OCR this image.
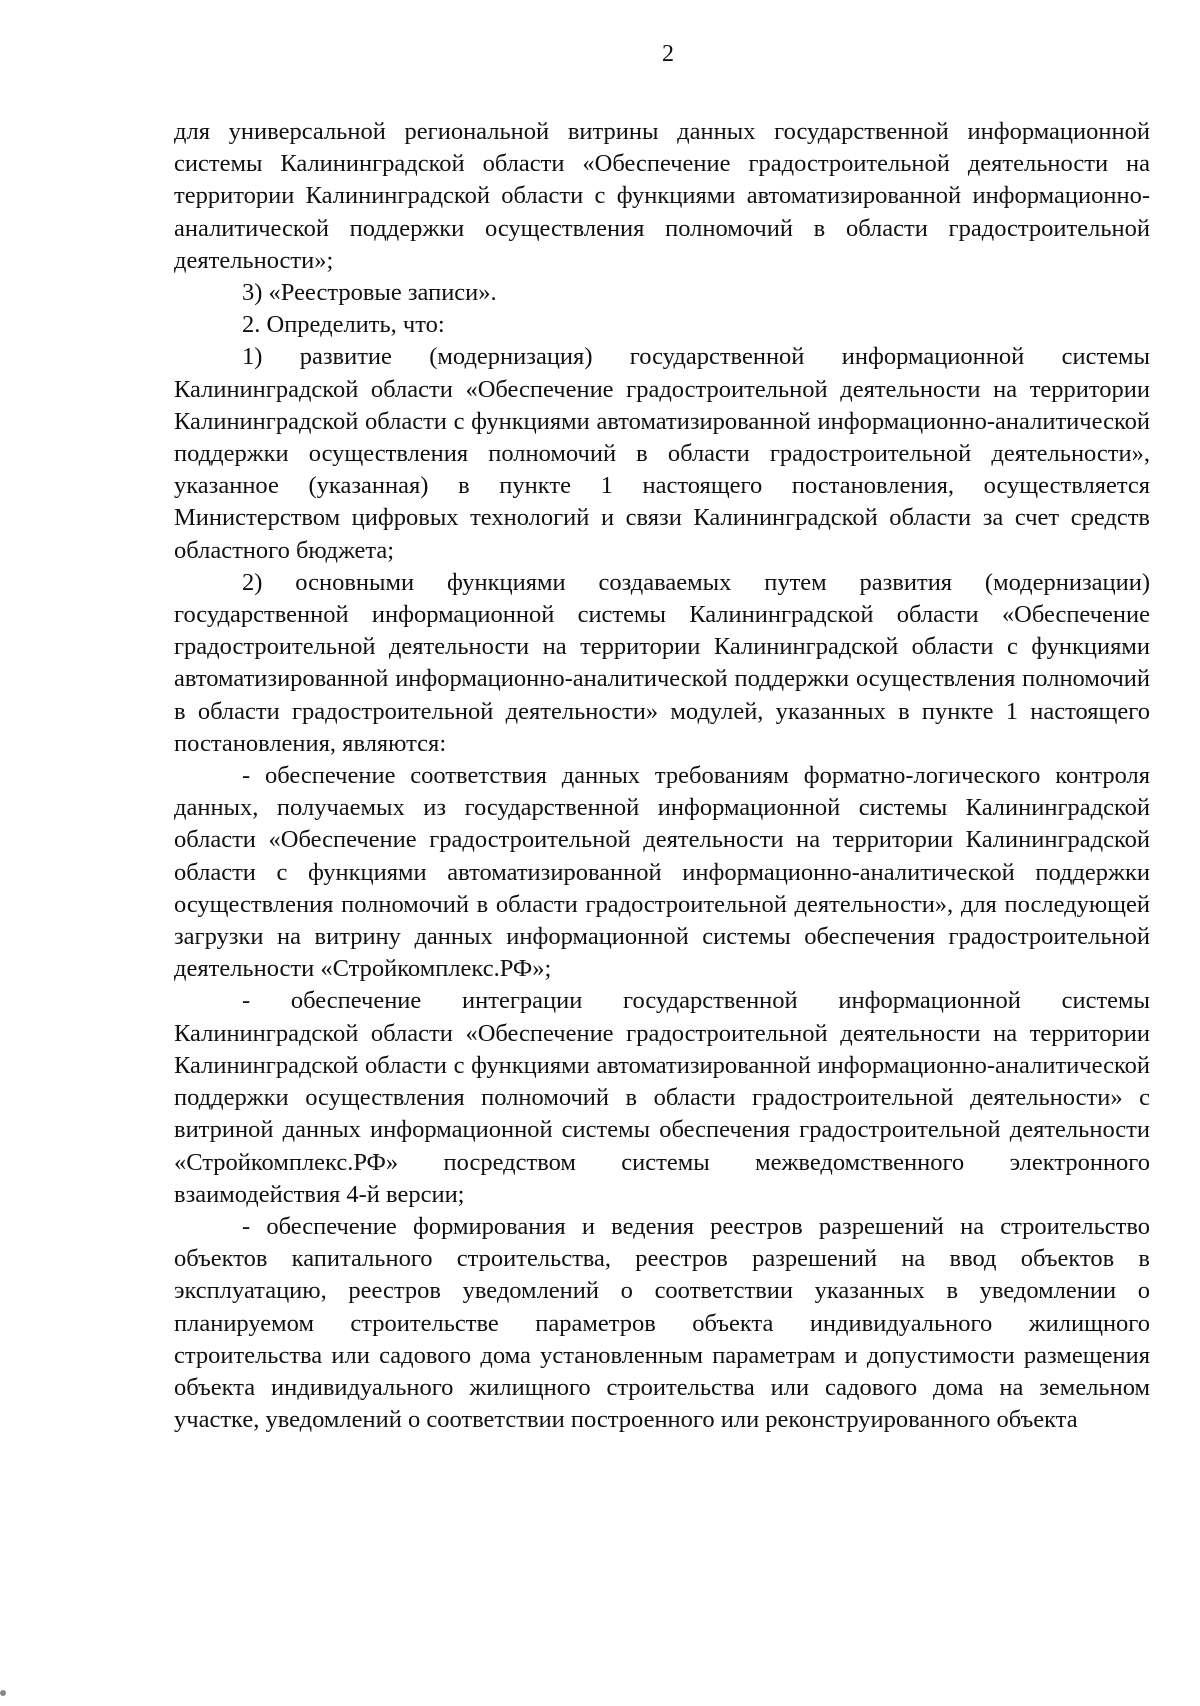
2

для универсальной региональной витрины данных государственной информационной системы Калининградской области «Обеспечение градостроительной деятельности на территории Калининградской области с функциями автоматизированной информационно-аналитической поддержки осуществления полномочий в области градостроительной деятельности»;

3) «Реестровые записи».

2. Определить, что:

1) развитие (модернизация) государственной информационной системы Калининградской области «Обеспечение градостроительной деятельности на территории Калининградской области с функциями автоматизированной информационно-аналитической поддержки осуществления полномочий в области градостроительной деятельности», указанное (указанная) в пункте 1 настоящего постановления, осуществляется Министерством цифровых технологий и связи Калининградской области за счет средств областного бюджета;

2) основными функциями создаваемых путем развития (модернизации) государственной информационной системы Калининградской области «Обеспечение градостроительной деятельности на территории Калининградской области с функциями автоматизированной информационно-аналитической поддержки осуществления полномочий в области градостроительной деятельности» модулей, указанных в пункте 1 настоящего постановления, являются:

- обеспечение соответствия данных требованиям форматно-логического контроля данных, получаемых из государственной информационной системы Калининградской области «Обеспечение градостроительной деятельности на территории Калининградской области с функциями автоматизированной информационно-аналитической поддержки осуществления полномочий в области градостроительной деятельности», для последующей загрузки на витрину данных информационной системы обеспечения градостроительной деятельности «Стройкомплекс.РФ»;

- обеспечение интеграции государственной информационной системы Калининградской области «Обеспечение градостроительной деятельности на территории Калининградской области с функциями автоматизированной информационно-аналитической поддержки осуществления полномочий в области градостроительной деятельности» с витриной данных информационной системы обеспечения градостроительной деятельности «Стройкомплекс.РФ» посредством системы межведомственного электронного взаимодействия 4-й версии;

- обеспечение формирования и ведения реестров разрешений на строительство объектов капитального строительства, реестров разрешений на ввод объектов в эксплуатацию, реестров уведомлений о соответствии указанных в уведомлении о планируемом строительстве параметров объекта индивидуального жилищного строительства или садового дома установленным параметрам и допустимости размещения объекта индивидуального жилищного строительства или садового дома на земельном участке, уведомлений о соответствии построенного или реконструированного объекта
